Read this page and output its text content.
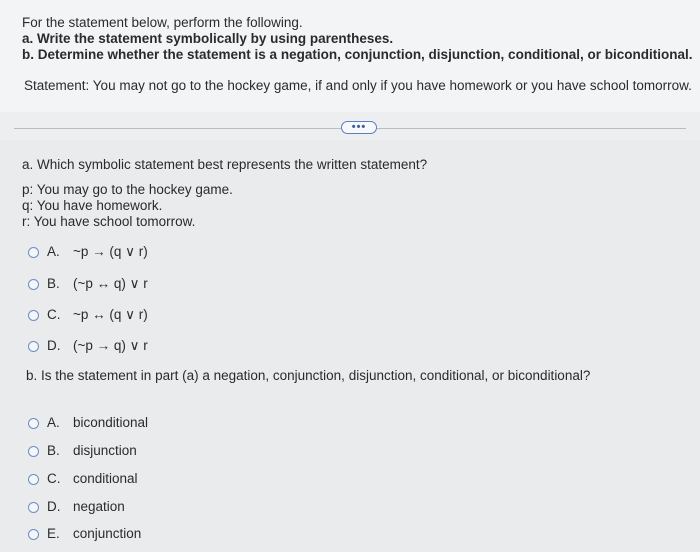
For the statement below, perform the following.
a. Write the statement symbolically by using parentheses.
b. Determine whether the statement is a negation, conjunction, disjunction, conditional, or biconditional.
Statement: You may not go to the hockey game, if and only if you have homework or you have school tomorrow.
•••
a. Which symbolic statement best represents the written statement?
p: You may go to the hockey game.
q: You have homework.
r: You have school tomorrow.
A. ~p → (q ∨ r)
B. (~p ↔ q) ∨ r
C. ~p ↔ (q ∨ r)
D. (~p → q) ∨ r
b. Is the statement in part (a) a negation, conjunction, disjunction, conditional, or biconditional?
A. biconditional
B. disjunction
C. conditional
D. negation
E. conjunction
